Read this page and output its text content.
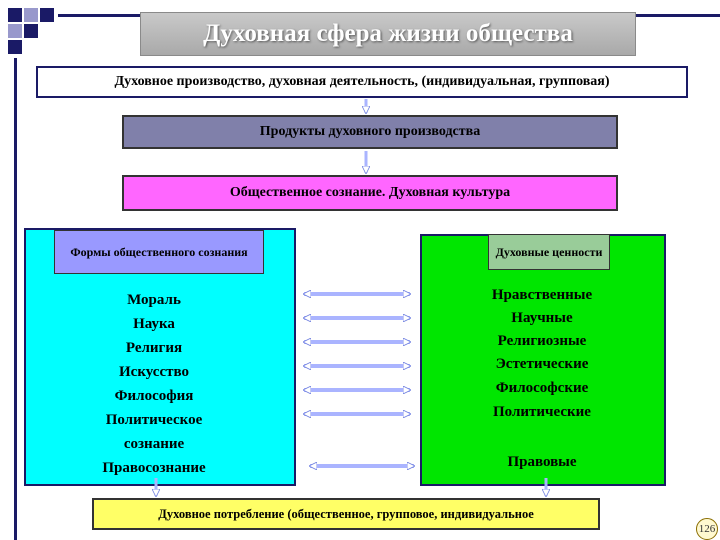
Духовная сфера жизни общества
Духовное производство, духовная деятельность, (индивидуальная, групповая)
Продукты духовного производства
Общественное сознание. Духовная культура
Формы общественного сознания	Духовные ценности
Мораль
Наука
Религия
Искусство
Философия
Политическое
сознание
Правосознание
Нравственные
Научные
Религиозные
Эстетические
Философские
Политические
Правовые
Духовное потребление (общественное, групповое, индивидуальное
126
